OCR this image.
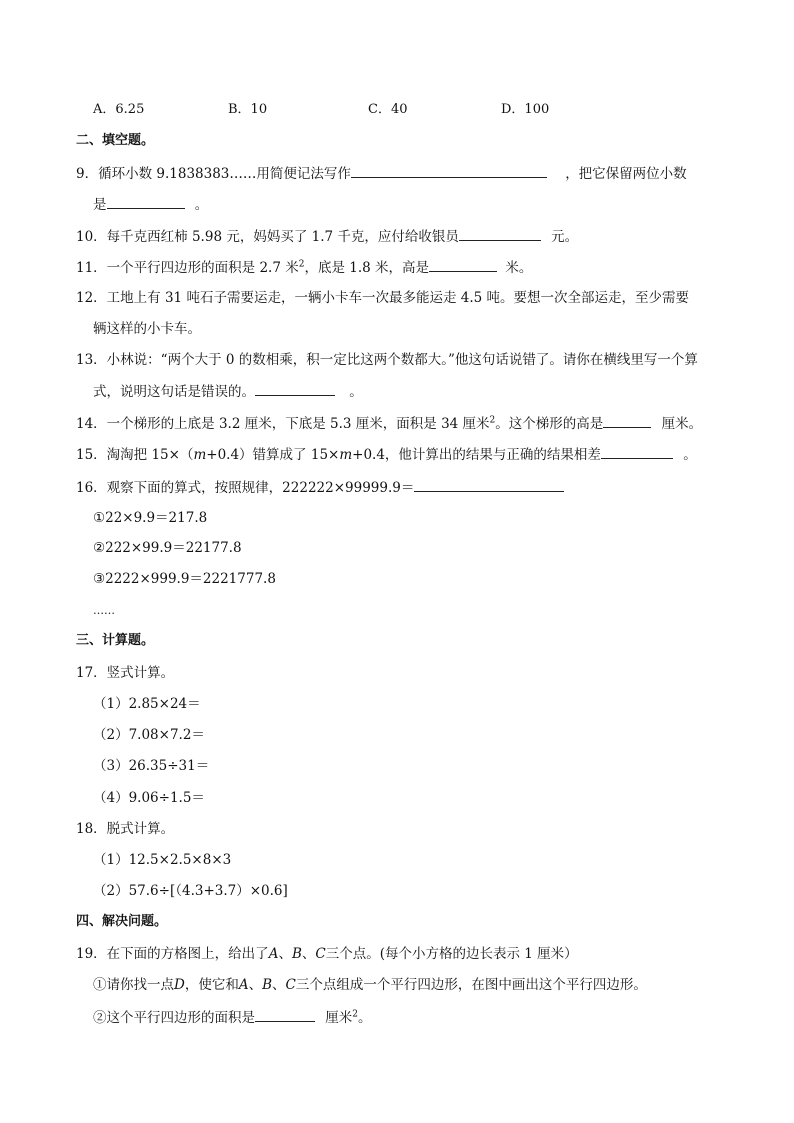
A．6.25	B．10	C．40	D．100
二、填空题。
9．循环小数 9.1838383……用简便记法写作	，把它保留两位小数
是	。
10．每千克西红柿 5.98 元，妈妈买了 1.7 千克，应付给收银员	元。
11．一个平行四边形的面积是 2.7 米$^2$，底是 1.8 米，高是	米。
12．工地上有 31 吨石子需要运走，一辆小卡车一次最多能运走 4.5 吨。要想一次全部运走，至少需要
辆这样的小卡车。
13．小林说：“两个大于 0 的数相乘，积一定比这两个数都大。”他这句话说错了。请你在横线里写一个算
式，说明这句话是错误的。	。
14．一个梯形的上底是 3.2 厘米，下底是 5.3 厘米，面积是 34 厘米$^2$。这个梯形的高是	厘米。
15．淘淘把 15×（m+0.4）错算成了 15×m+0.4，他计算出的结果与正确的结果相差	。
16．观察下面的算式，按照规律，222222×99999.9＝
①22×9.9＝217.8
②222×99.9＝22177.8
③2222×999.9＝2221777.8
……
三、计算题。
17．竖式计算。
（1）2.85×24＝
（2）7.08×7.2＝
（3）26.35÷31＝
（4）9.06÷1.5＝
18．脱式计算。
（1）12.5×2.5×8×3
（2）57.6÷[（4.3+3.7）×0.6]
四、解决问题。
19．在下面的方格图上，给出了A、B、C三个点。(每个小方格的边长表示 1 厘米）
①请你找一点D，使它和A、B、C三个点组成一个平行四边形，在图中画出这个平行四边形。
②这个平行四边形的面积是	厘米$^2$。
